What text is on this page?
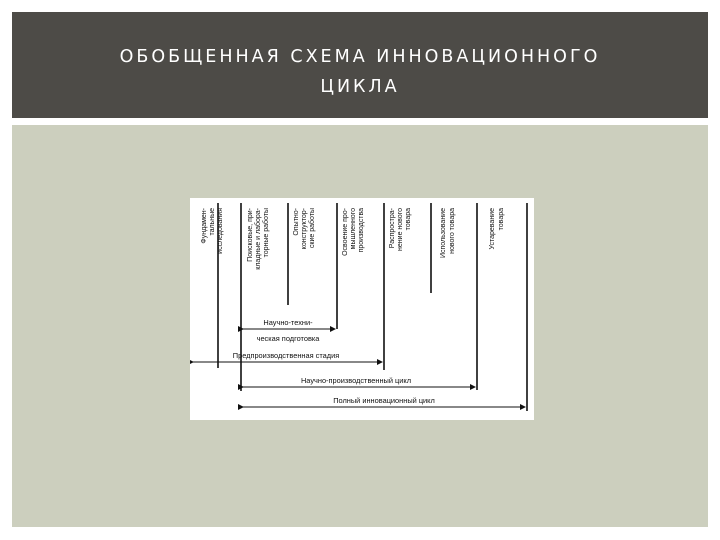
ОБОБЩЕННАЯ СХЕМА ИННОВАЦИОННОГО
ЦИКЛА
Фундамен- тальные исследования	Поисковые, при- кладные и лабора- торные работы	Опытно- конструктор- ские работы	Освоение про- мышленного производства	Распростра- нение нового товара	Использование нового товара	Устаревание товара
Научно-техни-
ческая подготовка
Предпроизводственная стадия
Научно-производственный цикл
Полный инновационный цикл
